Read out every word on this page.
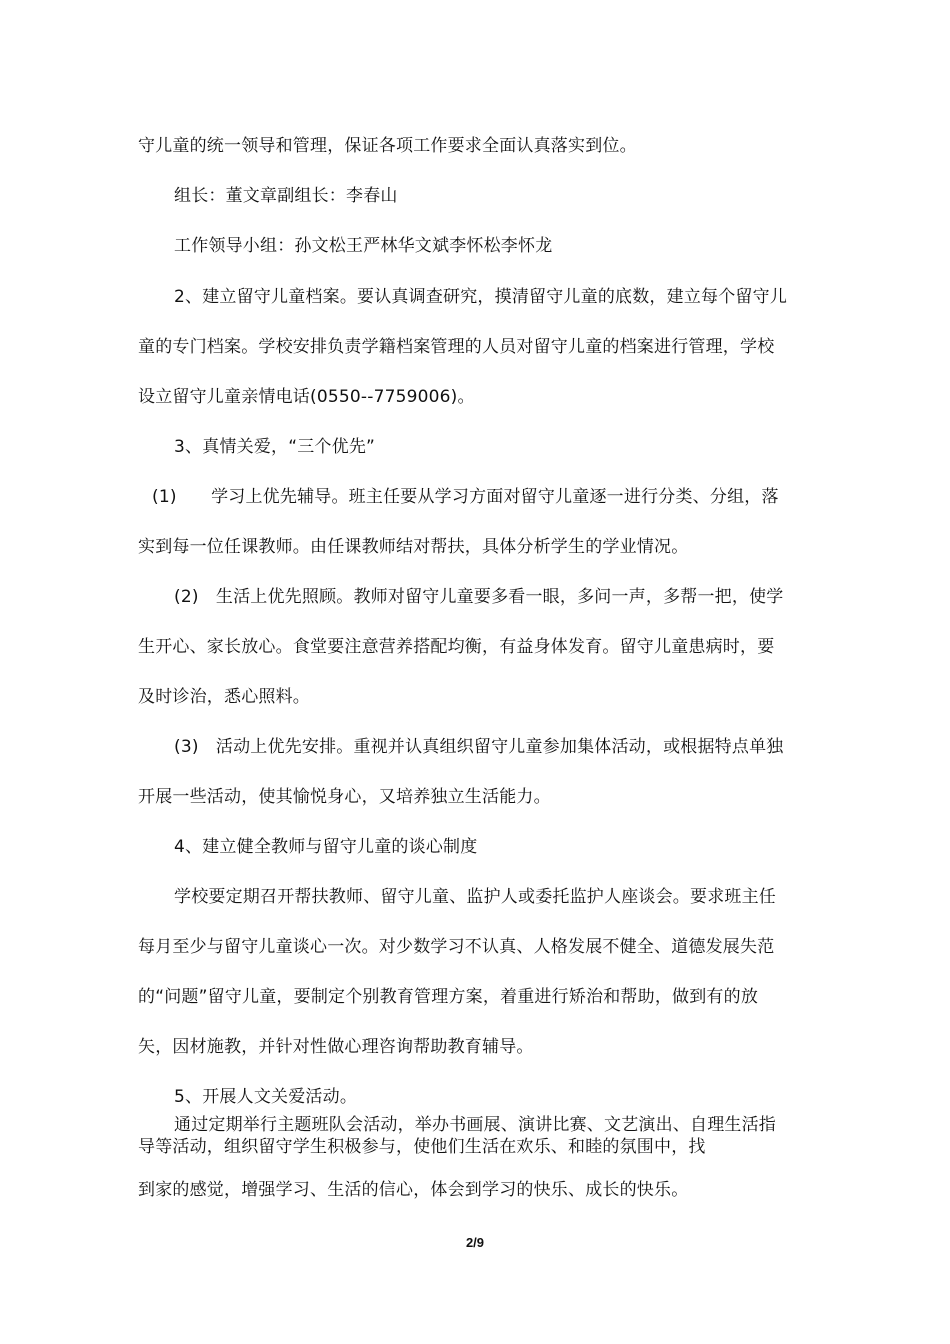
守儿童的统一领导和管理，保证各项工作要求全面认真落实到位。
组长：董文章副组长：李春山
工作领导小组：孙文松王严林华文斌李怀松李怀龙
2、建立留守儿童档案。要认真调查研究，摸清留守儿童的底数，建立每个留守儿
童的专门档案。学校安排负责学籍档案管理的人员对留守儿童的档案进行管理，学校
设立留守儿童亲情电话(0550--7759006)。
3、真情关爱，“三个优先”
(1)　　学习上优先辅导。班主任要从学习方面对留守儿童逐一进行分类、分组，落
实到每一位任课教师。由任课教师结对帮扶，具体分析学生的学业情况。
(2)　生活上优先照顾。教师对留守儿童要多看一眼，多问一声，多帮一把，使学
生开心、家长放心。食堂要注意营养搭配均衡，有益身体发育。留守儿童患病时，要
及时诊治，悉心照料。
(3)　活动上优先安排。重视并认真组织留守儿童参加集体活动，或根据特点单独
开展一些活动，使其愉悦身心，又培养独立生活能力。
4、建立健全教师与留守儿童的谈心制度
学校要定期召开帮扶教师、留守儿童、监护人或委托监护人座谈会。要求班主任
每月至少与留守儿童谈心一次。对少数学习不认真、人格发展不健全、道德发展失范
的“问题”留守儿童，要制定个别教育管理方案，着重进行矫治和帮助，做到有的放
矢，因材施教，并针对性做心理咨询帮助教育辅导。
5、开展人文关爱活动。
通过定期举行主题班队会活动，举办书画展、演讲比赛、文艺演出、自理生活指
导等活动，组织留守学生积极参与，使他们生活在欢乐、和睦的氛围中，找
到家的感觉，增强学习、生活的信心，体会到学习的快乐、成长的快乐。
2/9
